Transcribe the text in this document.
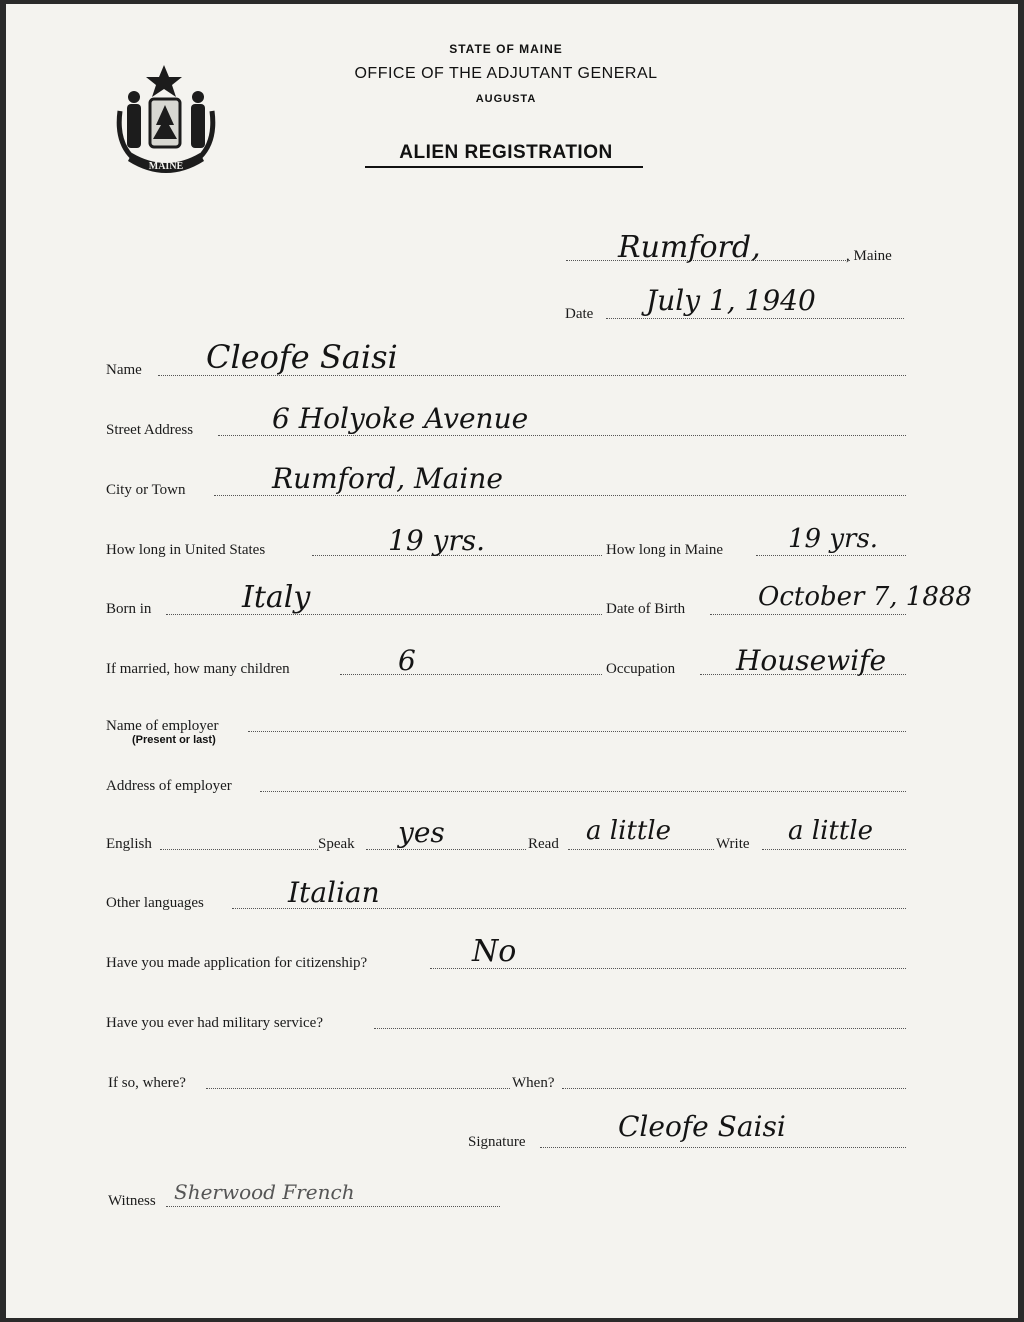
MAINE
STATE OF MAINE
OFFICE OF THE ADJUTANT GENERAL
AUGUSTA
ALIEN REGISTRATION
Rumford,	, Maine
Date July 1, 1940
Name Cleofe Saisi
Street Address	6 Holyoke Avenue
City or Town	Rumford, Maine
How long in United States	19 yrs.	How long in Maine 19 yrs.
Born in	Italy	Date of Birth	October 7, 1888
If married, how many children	6	Occupation Housewife
Name of employer
(Present or last)
Address of employer
English	Speak yes	Read a little	Write a little
Other languages	Italian
Have you made application for citizenship?	No
Have you ever had military service?
If so, where?	When?
Signature	Cleofe Saisi
Witness Sherwood French
